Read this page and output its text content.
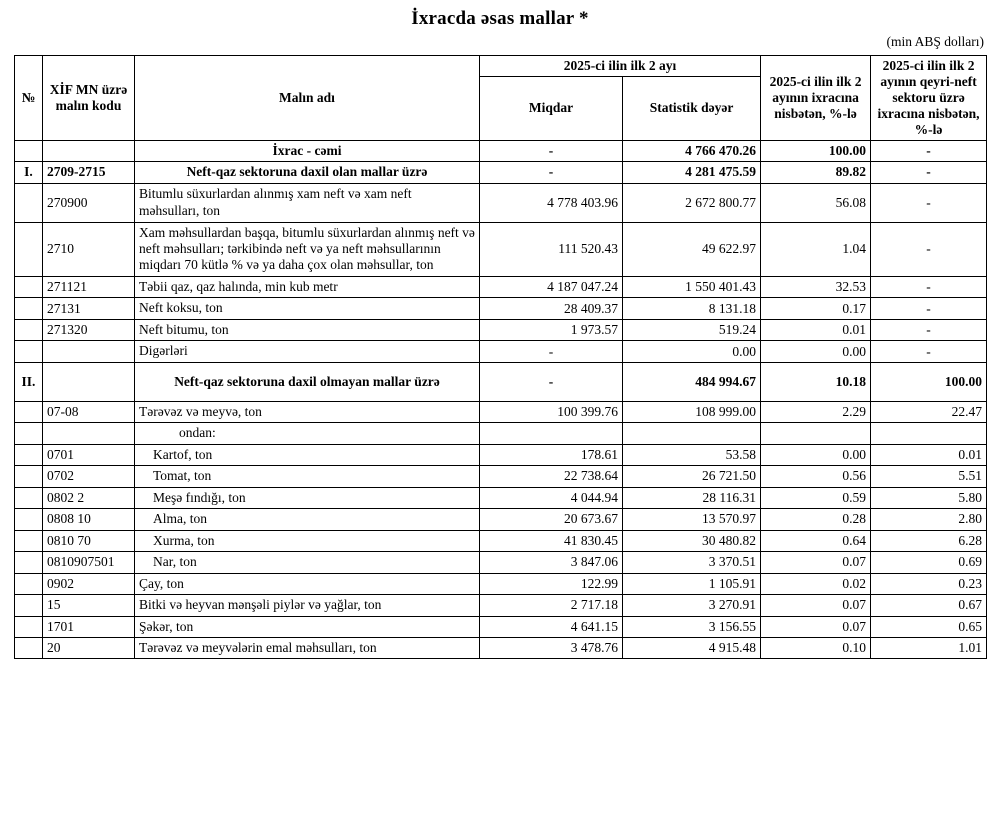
İxracda əsas mallar *
(min ABŞ dolları)
№	XİF MN üzrə malın kodu	Malın adı	2025-ci ilin ilk 2 ayı		2025-ci ilin ilk 2 ayının ixracına nisbətən, %-lə	2025-ci ilin ilk 2 ayının qeyri-neft sektoru üzrə ixracına nisbətən, %-lə
			Miqdar	Statistik dəyər		

		İxrac - cəmi	-	4 766 470.26	100.00	-
I.	2709-2715	Neft-qaz sektoruna daxil olan mallar üzrə	-	4 281 475.59	89.82	-
	270900	Bitumlu süxurlardan alınmış xam neft və xam neft məhsulları, ton	4 778 403.96	2 672 800.77	56.08	-
	2710	Xam məhsullardan başqa, bitumlu süxurlardan alınmış neft və neft məhsulları; tərkibində neft və ya neft məhsullarının miqdarı 70 kütlə % və ya daha çox olan məhsullar, ton	111 520.43	49 622.97	1.04	-
	271121	Təbii qaz, qaz halında, min kub metr	4 187 047.24	1 550 401.43	32.53	-
	27131	Neft koksu, ton	28 409.37	8 131.18	0.17	-
	271320	Neft bitumu, ton	1 973.57	519.24	0.01	-
		Digərləri	-	0.00	0.00	-
II.		Neft-qaz sektoruna daxil olmayan mallar üzrə	-	484 994.67	10.18	100.00
	07-08	Tərəvəz və meyvə, ton	100 399.76	108 999.00	2.29	22.47
		ondan:				
	0701	Kartof, ton	178.61	53.58	0.00	0.01
	0702	Tomat, ton	22 738.64	26 721.50	0.56	5.51
	0802 2	Meşə fındığı, ton	4 044.94	28 116.31	0.59	5.80
	0808 10	Alma, ton	20 673.67	13 570.97	0.28	2.80
	0810 70	Xurma, ton	41 830.45	30 480.82	0.64	6.28
	0810907501	Nar, ton	3 847.06	3 370.51	0.07	0.69
	0902	Çay, ton	122.99	1 105.91	0.02	0.23
	15	Bitki və heyvan mənşəli piylər və yağlar, ton	2 717.18	3 270.91	0.07	0.67
	1701	Şəkər, ton	4 641.15	3 156.55	0.07	0.65
	20	Tərəvəz və meyvələrin emal məhsulları, ton	3 478.76	4 915.48	0.10	1.01
